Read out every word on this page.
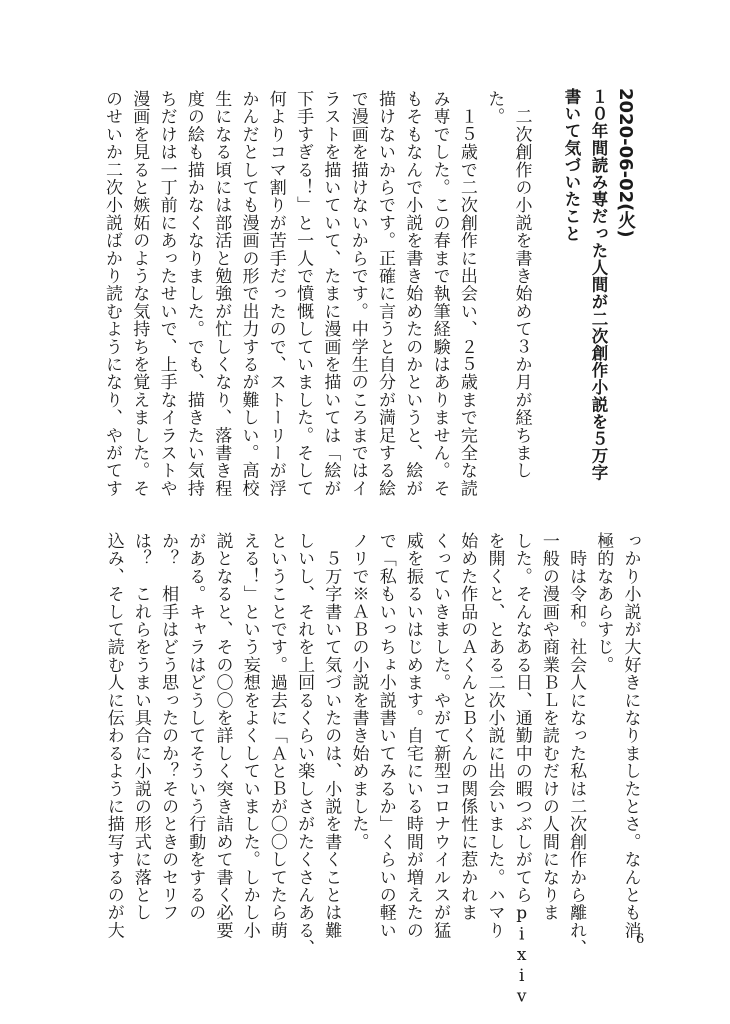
2020-06-02(火)
１０年間読み専だった人間が二次創作小説を５万字
書いて気づいたこと
　二次創作の小説を書き始めて３か月が経ちまし
た。
　１５歳で二次創作に出会い、２５歳まで完全な読
み専でした。この春まで執筆経験はありません。そ
もそもなんで小説を書き始めたのかというと、絵が
描けないからです。正確に言うと自分が満足する絵
で漫画を描けないからです。中学生のころまではイ
ラストを描いていて、たまに漫画を描いては「絵が
下手すぎる！」と一人で憤慨していました。そして
何よりコマ割りが苦手だったので、ストーリーが浮
かんだとしても漫画の形で出力するが難しい。高校
生になる頃には部活と勉強が忙しくなり、落書き程
度の絵も描かなくなりました。でも、描きたい気持
ちだけは一丁前にあったせいで、上手なイラストや
漫画を見ると嫉妬のような気持ちを覚えました。そ
のせいか二次小説ばかり読むようになり、やがてす
っかり小説が大好きになりましたとさ。なんとも消
極的なあらすじ。
　時は令和。社会人になった私は二次創作から離れ、
一般の漫画や商業ＢＬを読むだけの人間になりま
した。そんなある日、通勤中の暇つぶしがてらpixiv
を開くと、とある二次小説に出会いました。ハマり
始めた作品のＡくんとＢくんの関係性に惹かれま
くっていきました。やがて新型コロナウイルスが猛
威を振るいはじめます。自宅にいる時間が増えたの
で「私もいっちょ小説書いてみるか」くらいの軽い
ノリで※ＡＢの小説を書き始めました。
　５万字書いて気づいたのは、小説を書くことは難
しいし、それを上回るくらい楽しさがたくさんある、
ということです。過去に「ＡとＢが〇〇してたら萌
える！」という妄想をよくしていました。しかし小
説となると、その〇〇を詳しく突き詰めて書く必要
がある。キャラはどうしてそういう行動をするの
か？　相手はどう思ったのか？そのときのセリフ
は？　これらをうまい具合に小説の形式に落とし
込み、そして読む人に伝わるように描写するのが大
6
